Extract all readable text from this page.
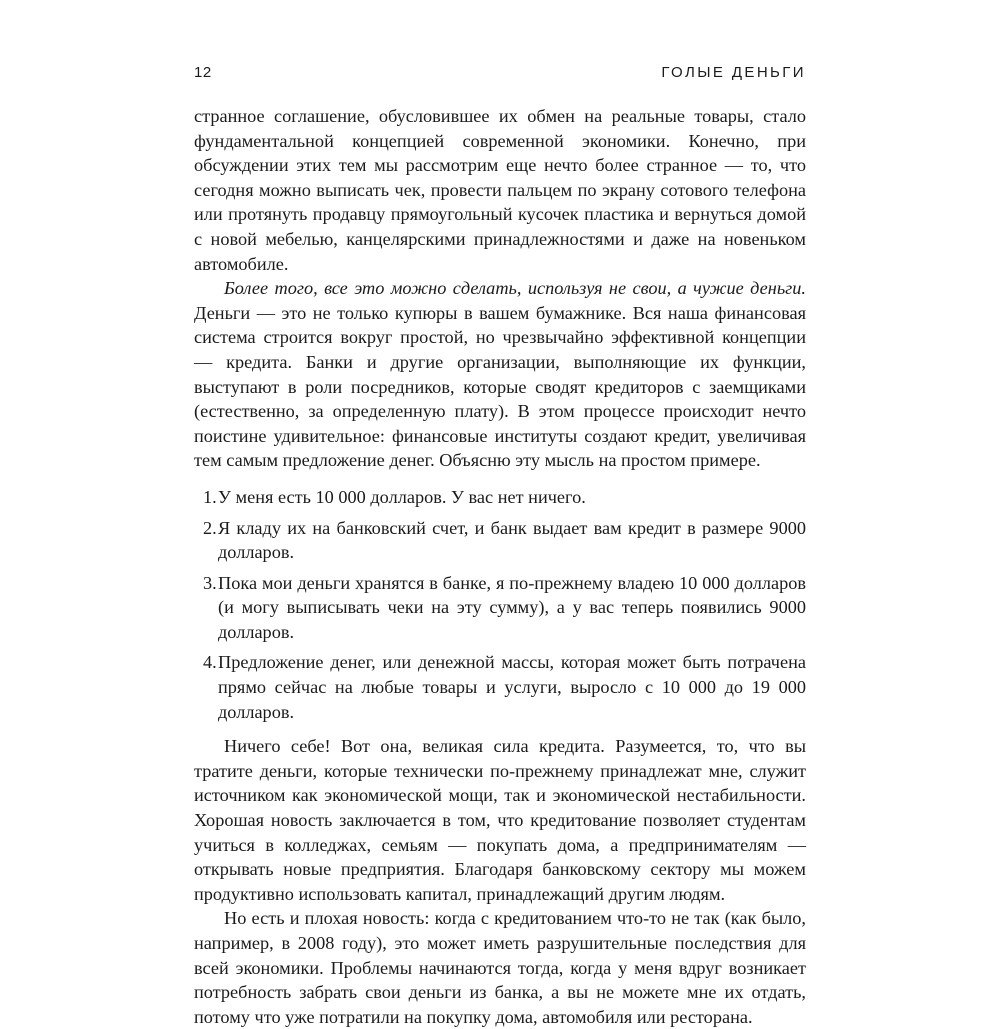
12	ГОЛЫЕ ДЕНЬГИ

странное соглашение, обусловившее их обмен на реальные товары, стало фундаментальной концепцией современной экономики. Конечно, при обсуждении этих тем мы рассмотрим еще нечто более странное — то, что сегодня можно выписать чек, провести пальцем по экрану сотового телефона или протянуть продавцу прямоугольный кусочек пластика и вернуться домой с новой мебелью, канцелярскими принадлежностями и даже на новеньком автомобиле.

Более того, все это можно сделать, используя не свои, а чужие деньги. Деньги — это не только купюры в вашем бумажнике. Вся наша финансовая система строится вокруг простой, но чрезвычайно эффективной концепции — кредита. Банки и другие организации, выполняющие их функции, выступают в роли посредников, которые сводят кредиторов с заемщиками (естественно, за определенную плату). В этом процессе происходит нечто поистине удивительное: финансовые институты создают кредит, увеличивая тем самым предложение денег. Объясню эту мысль на простом примере.

1. У меня есть 10 000 долларов. У вас нет ничего.
2. Я кладу их на банковский счет, и банк выдает вам кредит в размере 9000 долларов.
3. Пока мои деньги хранятся в банке, я по-прежнему владею 10 000 долларов (и могу выписывать чеки на эту сумму), а у вас теперь появились 9000 долларов.
4. Предложение денег, или денежной массы, которая может быть потрачена прямо сейчас на любые товары и услуги, выросло с 10 000 до 19 000 долларов.

Ничего себе! Вот она, великая сила кредита. Разумеется, то, что вы тратите деньги, которые технически по-прежнему принадлежат мне, служит источником как экономической мощи, так и экономической нестабильности. Хорошая новость заключается в том, что кредитование позволяет студентам учиться в колледжах, семьям — покупать дома, а предпринимателям — открывать новые предприятия. Благодаря банковскому сектору мы можем продуктивно использовать капитал, принадлежащий другим людям.

Но есть и плохая новость: когда с кредитованием что-то не так (как было, например, в 2008 году), это может иметь разрушительные последствия для всей экономики. Проблемы начинаются тогда, когда у меня вдруг возникает потребность забрать свои деньги из банка, а вы не можете мне их отдать, потому что уже потратили на покупку дома, автомобиля или ресторана.
